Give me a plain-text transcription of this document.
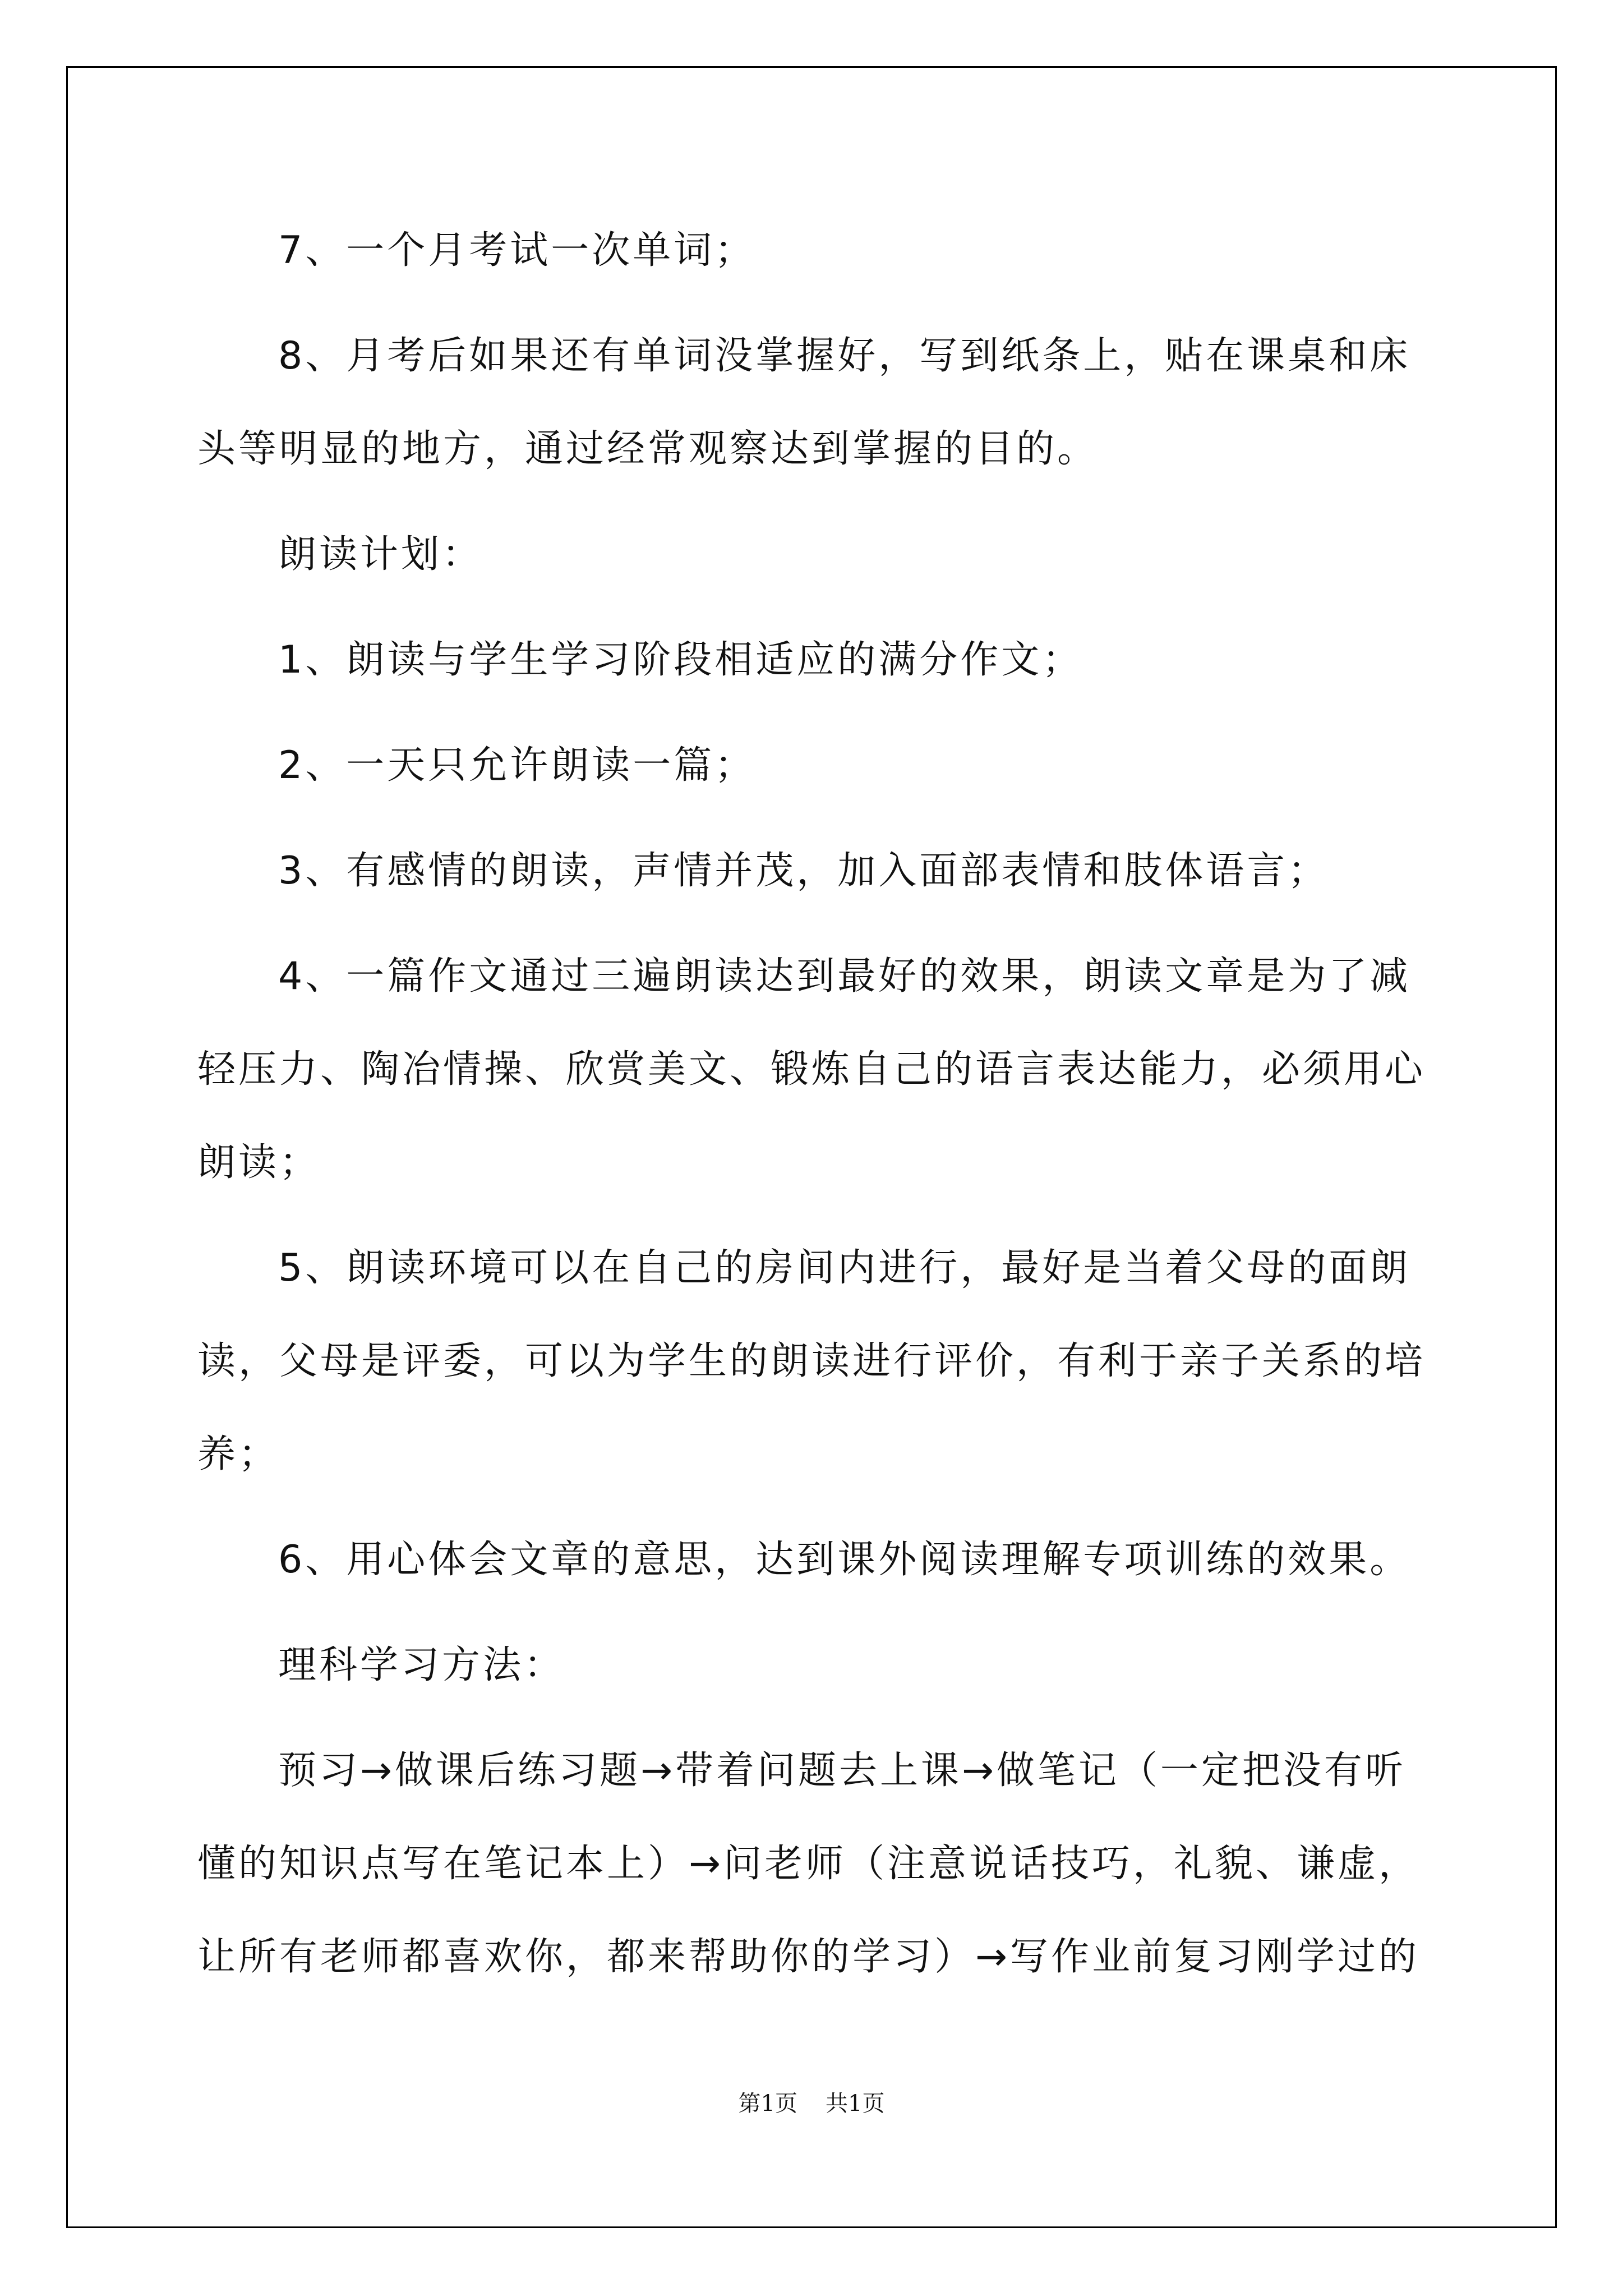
7、一个月考试一次单词；

8、月考后如果还有单词没掌握好，写到纸条上，贴在课桌和床头等明显的地方，通过经常观察达到掌握的目的。

朗读计划：

1、朗读与学生学习阶段相适应的满分作文；

2、一天只允许朗读一篇；

3、有感情的朗读，声情并茂，加入面部表情和肢体语言；

4、一篇作文通过三遍朗读达到最好的效果，朗读文章是为了减轻压力、陶冶情操、欣赏美文、锻炼自己的语言表达能力，必须用心朗读；

5、朗读环境可以在自己的房间内进行，最好是当着父母的面朗读，父母是评委，可以为学生的朗读进行评价，有利于亲子关系的培养；

6、用心体会文章的意思，达到课外阅读理解专项训练的效果。

理科学习方法：

预习→做课后练习题→带着问题去上课→做笔记（一定把没有听懂的知识点写在笔记本上）→问老师（注意说话技巧，礼貌、谦虚，让所有老师都喜欢你，都来帮助你的学习）→写作业前复习刚学过的

第1页 共1页
